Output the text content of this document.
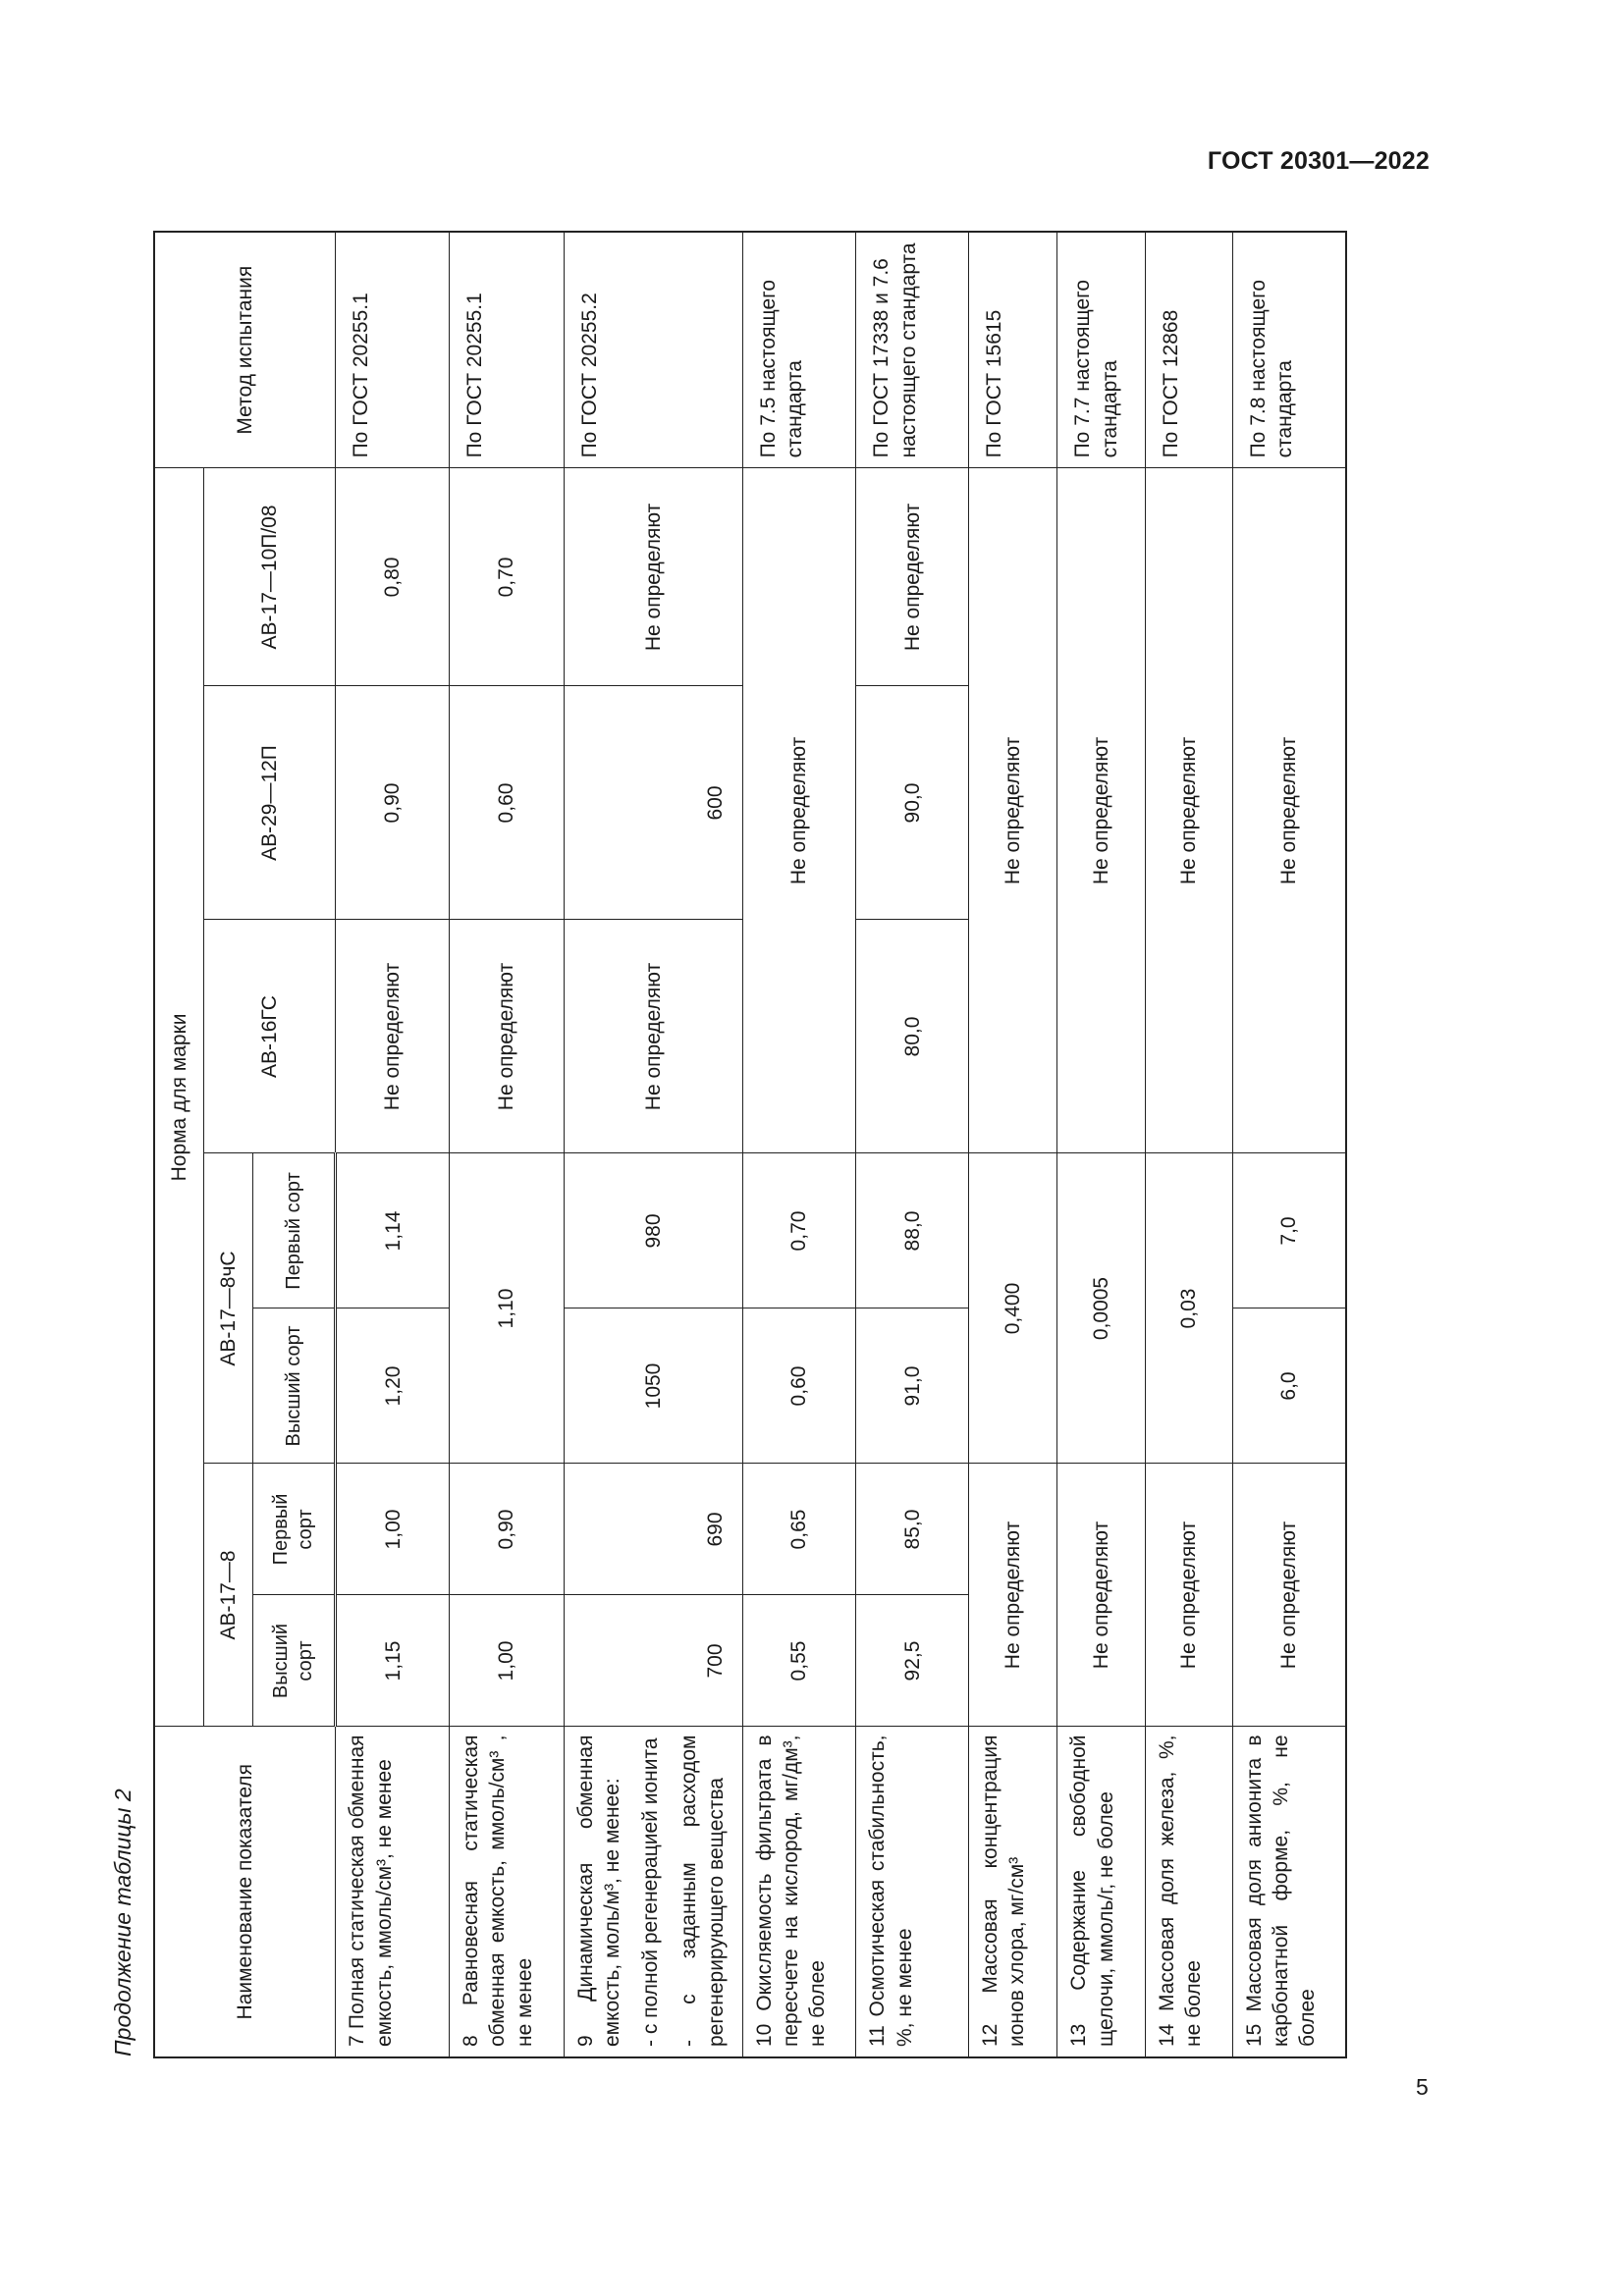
ГОСТ 20301—2022
Продолжение таблицы 2	Наименование показателя	Норма для марки							Метод испытания
	АВ-17—8		АВ-17—8чС		АВ-16ГС	АВ-29—12П	АВ-17—10П/08	
	Высший сорт	Первый сорт	Высший сорт	Первый сорт				
7 Полная статическая обменная емкость, ммоль/см³, не менее	1,15	1,00	1,20	1,14	Не определяют	0,90	0,80	По ГОСТ 20255.1
8 Равновесная статическая обменная емкость, ммоль/см³ , не менее	1,00	0,90	1,10		Не определяют	0,60	0,70	По ГОСТ 20255.1

9 Динамическая обменная емкость, моль/м³, не менее: - с полной регенерацией ионита - с заданным расходом регенерирующего вещества	700	690	1050	980	Не определяют	600	Не определяют	По ГОСТ 20255.2
10 Окисляемость фильтрата в пересчете на кислород, мг/дм³, не более	0,55	0,65	0,60	0,70	Не определяют			По 7.5 настоящего стандарта
11 Осмотическая стабильность, %, не менее	92,5	85,0	91,0	88,0	80,0	90,0	Не определяют	По ГОСТ 17338 и 7.6 настоящего стандарта
12 Массовая концентрация ионов хлора, мг/см³	Не определяют		0,400		Не определяют			По ГОСТ 15615
13 Содержание свободной щелочи, ммоль/г, не более	Не определяют		0,0005		Не определяют			По 7.7 настоящего стандарта
14 Массовая доля железа, %, не более	Не определяют		0,03		Не определяют			По ГОСТ 12868
15 Массовая доля анионита в карбонатной форме, %, не более	Не определяют		6,0	7,0	Не определяют			По 7.8 настоящего стандарта
5
